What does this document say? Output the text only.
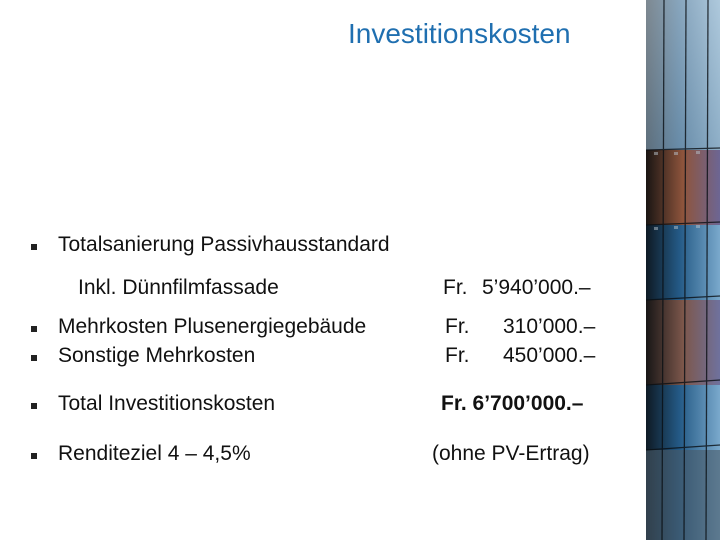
Investitionskosten
Totalsanierung Passivhausstandard
Inkl. Dünnfilmfassade	Fr. 5’940’000.–
Mehrkosten Plusenergiegebäude	Fr. 310’000.–
Sonstige Mehrkosten	Fr. 450’000.–
Total Investitionskosten	Fr. 6’700’000.–
Renditeziel 4 – 4,5%	(ohne PV-Ertrag)
